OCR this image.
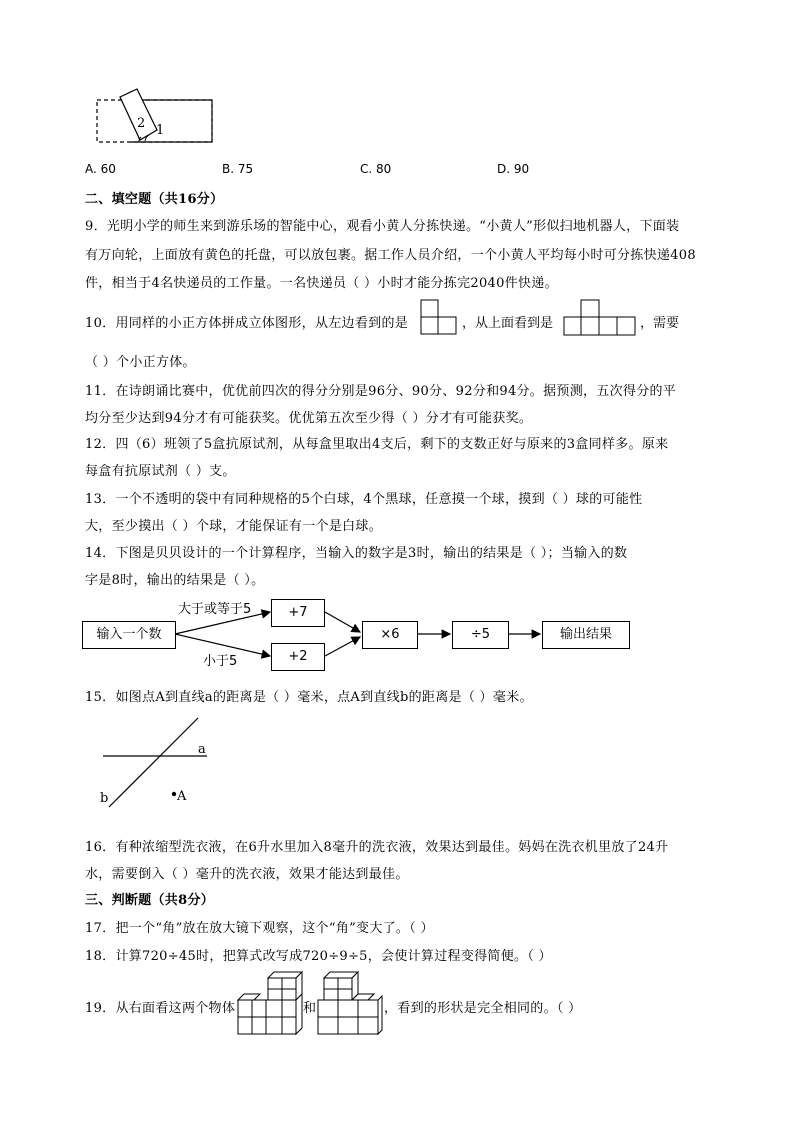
2 1
A. 60	B. 75	C. 80	D. 90
二、填空题（共16分）
9．光明小学的师生来到游乐场的智能中心，观看小黄人分拣快递。“小黄人”形似扫地机器人，下面装
有万向轮，上面放有黄色的托盘，可以放包裹。据工作人员介绍，一个小黄人平均每小时可分拣快递408
件，相当于4名快递员的工作量。一名快递员（ ）小时才能分拣完2040件快递。
10．用同样的小正方体拼成立体图形，从左边看到的是	，从上面看到是	，需要
（ ）个小正方体。
11．在诗朗诵比赛中，优优前四次的得分分别是96分、90分、92分和94分。据预测，五次得分的平
均分至少达到94分才有可能获奖。优优第五次至少得（ ）分才有可能获奖。
12．四（6）班领了5盒抗原试剂，从每盒里取出4支后，剩下的支数正好与原来的3盒同样多。原来
每盒有抗原试剂（ ）支。
13．一个不透明的袋中有同种规格的5个白球，4个黑球，任意摸一个球，摸到（ ）球的可能性
大，至少摸出（ ）个球，才能保证有一个是白球。
14．下图是贝贝设计的一个计算程序，当输入的数字是3时，输出的结果是（ ）；当输入的数
字是8时，输出的结果是（ ）。
输入一个数
大于或等于5
小于5
+7
+2
×6	÷5	输出结果
15．如图点A到直线a的距离是（ ）毫米，点A到直线b的距离是（ ）毫米。
a
b	A
16．有种浓缩型洗衣液，在6升水里加入8毫升的洗衣液，效果达到最佳。妈妈在洗衣机里放了24升
水，需要倒入（ ）毫升的洗衣液，效果才能达到最佳。
三、判断题（共8分）
17．把一个“角”放在放大镜下观察，这个“角”变大了。（ ）
18．计算720÷45时，把算式改写成720÷9÷5，会使计算过程变得简便。（ ）
19．从右面看这两个物体	和	，看到的形状是完全相同的。（ ）
